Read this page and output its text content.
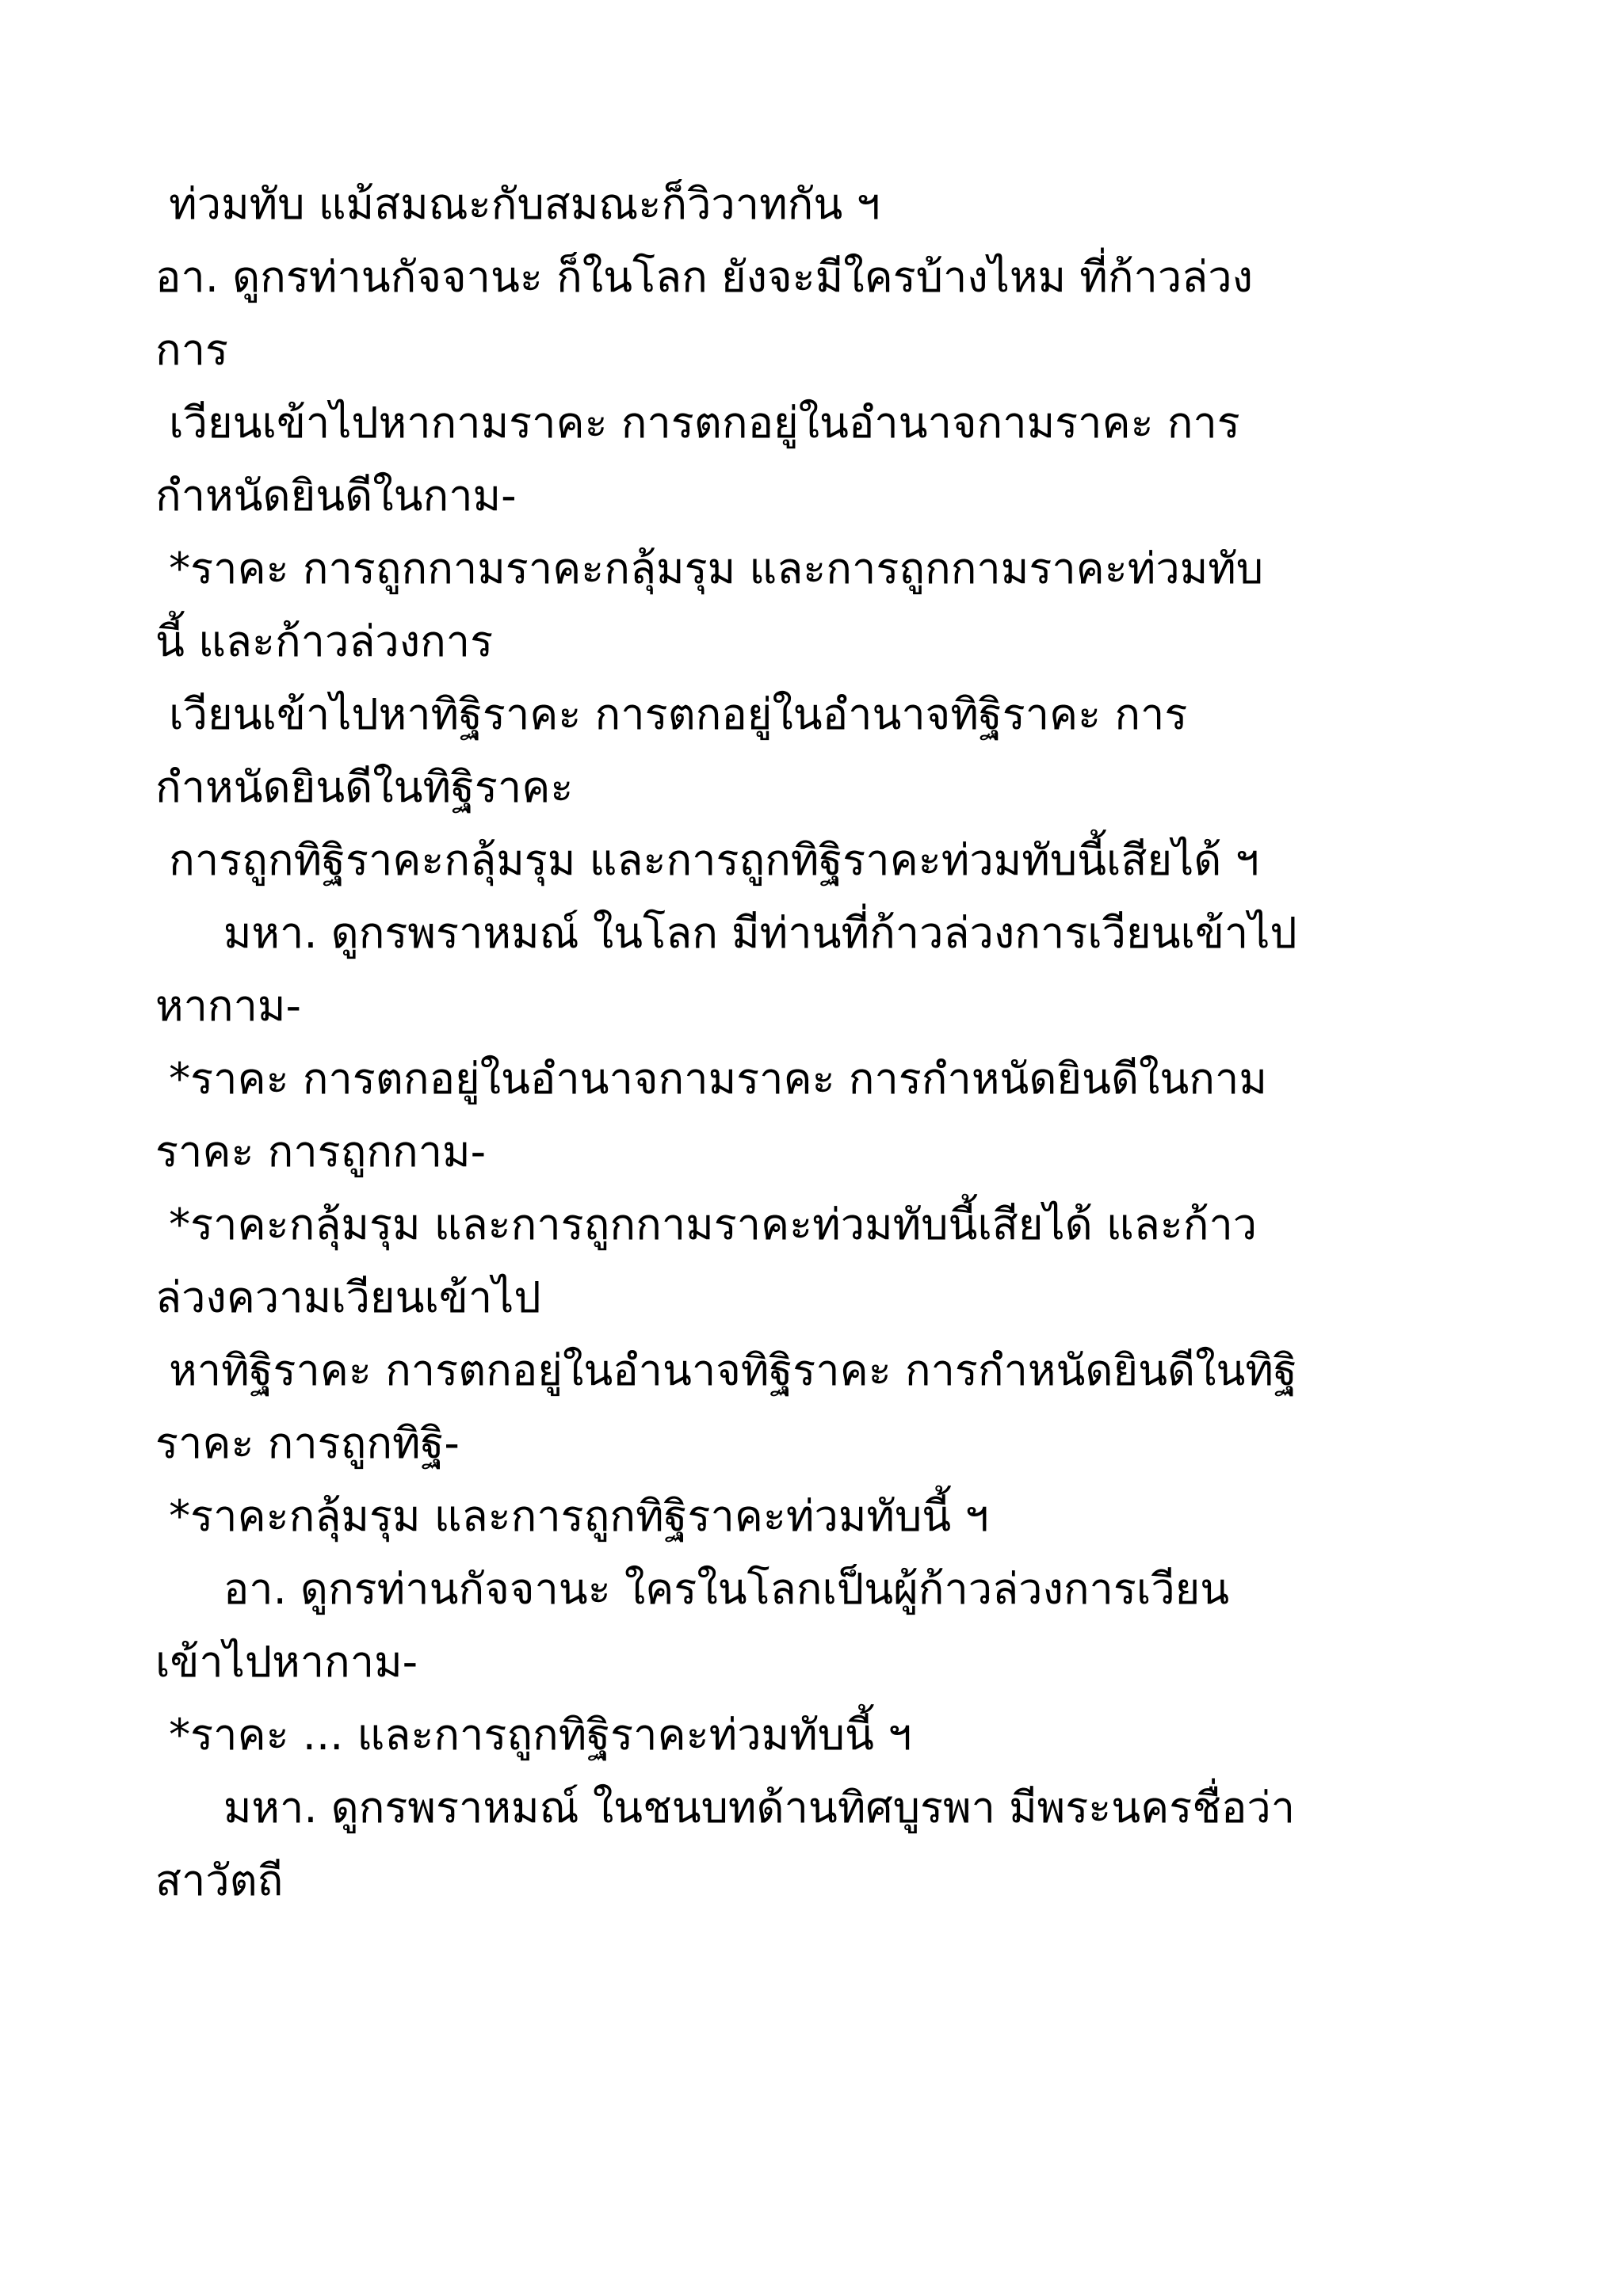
ท่วมทับ แม้สมณะกับสมณะก็วิวาทกัน ฯ
อา. ดูกรท่านกัจจานะ ก็ในโลก ยังจะมีใครบ้างไหม ที่ก้าวล่วง
การ
เวียนเข้าไปหากามราคะ การตกอยู่ในอำนาจกามราคะ การ
กำหนัดยินดีในกาม-
*ราคะ การถูกกามราคะกลุ้มรุม และการถูกกามราคะท่วมทับ
นี้ และก้าวล่วงการ
เวียนเข้าไปหาทิฐิราคะ การตกอยู่ในอำนาจทิฐิราคะ การ
กำหนัดยินดีในทิฐิราคะ
การถูกทิฐิราคะกลุ้มรุม และการถูกทิฐิราคะท่วมทับนี้เสียได้ ฯ
มหา. ดูกรพราหมณ์ ในโลก มีท่านที่ก้าวล่วงการเวียนเข้าไป
หากาม-
*ราคะ การตกอยู่ในอำนาจกามราคะ การกำหนัดยินดีในกาม
ราคะ การถูกกาม-
*ราคะกลุ้มรุม และการถูกกามราคะท่วมทับนี้เสียได้ และก้าว
ล่วงความเวียนเข้าไป
หาทิฐิราคะ การตกอยู่ในอำนาจทิฐิราคะ การกำหนัดยินดีในทิฐิ
ราคะ การถูกทิฐิ-
*ราคะกลุ้มรุม และการถูกทิฐิราคะท่วมทับนี้ ฯ
อา. ดูกรท่านกัจจานะ ใครในโลกเป็นผู้ก้าวล่วงการเวียน
เข้าไปหากาม-
*ราคะ ... และการถูกทิฐิราคะท่วมทับนี้ ฯ
มหา. ดูกรพราหมณ์ ในชนบทด้านทิศบูรพา มีพระนครชื่อว่า
สาวัตถี
